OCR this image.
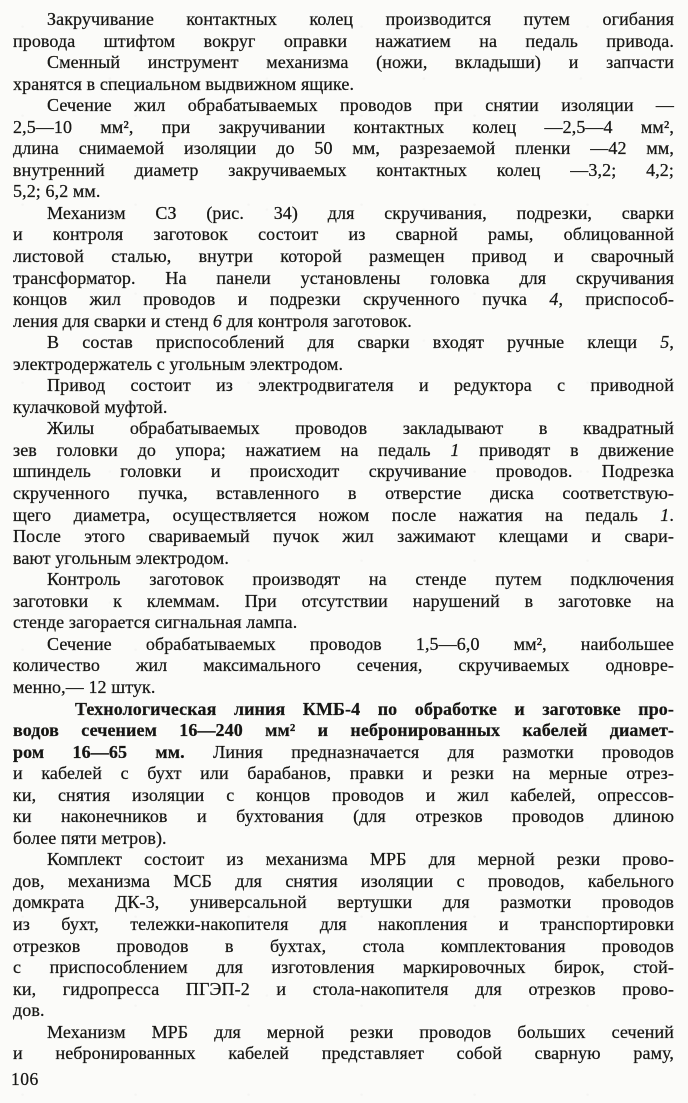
Закручивание контактных колец производится путем огибания
провода штифтом вокруг оправки нажатием на педаль привода.
Сменный инструмент механизма (ножи, вкладыши) и запчасти
хранятся в специальном выдвижном ящике.
Сечение жил обрабатываемых проводов при снятии изоляции —
2,5—10 мм², при закручивании контактных колец —2,5—4 мм²,
длина снимаемой изоляции до 50 мм, разрезаемой пленки —42 мм,
внутренний диаметр закручиваемых контактных колец —3,2; 4,2;
5,2; 6,2 мм.
Механизм СЗ (рис. 34) для скручивания, подрезки, сварки
и контроля заготовок состоит из сварной рамы, облицованной
листовой сталью, внутри которой размещен привод и сварочный
трансформатор. На панели установлены головка для скручивания
концов жил проводов и подрезки скрученного пучка 4, приспособ-
ления для сварки и стенд 6 для контроля заготовок.
В состав приспособлений для сварки входят ручные клещи 5,
электродержатель с угольным электродом.
Привод состоит из электродвигателя и редуктора с приводной
кулачковой муфтой.
Жилы обрабатываемых проводов закладывают в квадратный
зев головки до упора; нажатием на педаль 1 приводят в движение
шпиндель головки и происходит скручивание проводов. Подрезка
скрученного пучка, вставленного в отверстие диска соответствую-
щего диаметра, осуществляется ножом после нажатия на педаль 1.
После этого свариваемый пучок жил зажимают клещами и свари-
вают угольным электродом.
Контроль заготовок производят на стенде путем подключения
заготовки к клеммам. При отсутствии нарушений в заготовке на
стенде загорается сигнальная лампа.
Сечение обрабатываемых проводов 1,5—6,0 мм², наибольшее
количество жил максимального сечения, скручиваемых одновре-
менно,— 12 штук.
Технологическая линия КМБ-4 по обработке и заготовке про-
водов сечением 16—240 мм² и небронированных кабелей диамет-
ром 16—65 мм. Линия предназначается для размотки проводов
и кабелей с бухт или барабанов, правки и резки на мерные отрез-
ки, снятия изоляции с концов проводов и жил кабелей, опрессов-
ки наконечников и бухтования (для отрезков проводов длиною
более пяти метров).
Комплект состоит из механизма МРБ для мерной резки прово-
дов, механизма МСБ для снятия изоляции с проводов, кабельного
домкрата ДК-3, универсальной вертушки для размотки проводов
из бухт, тележки-накопителя для накопления и транспортировки
отрезков проводов в бухтах, стола комплектования проводов
с приспособлением для изготовления маркировочных бирок, стой-
ки, гидропресса ПГЭП-2 и стола-накопителя для отрезков прово-
дов.
Механизм МРБ для мерной резки проводов больших сечений
и небронированных кабелей представляет собой сварную раму,
106
